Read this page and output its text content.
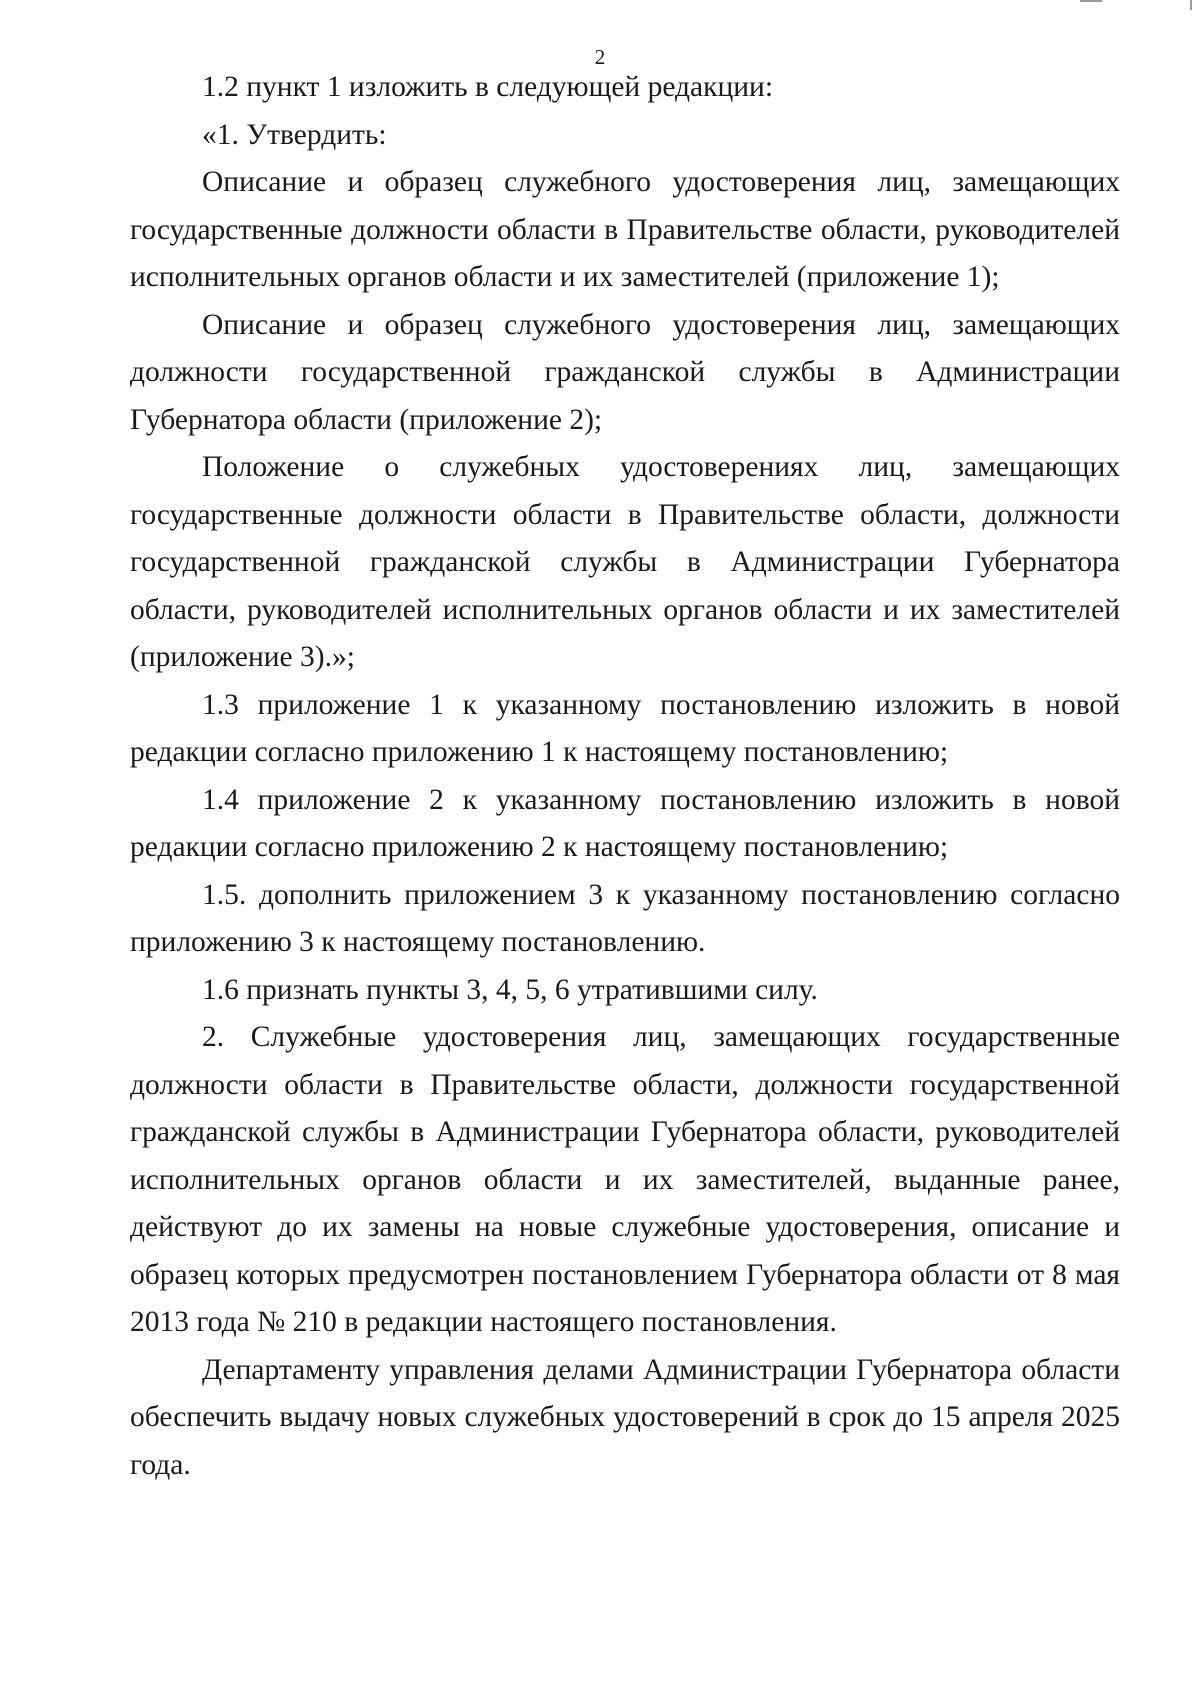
2

1.2 пункт 1 изложить в следующей редакции:

«1. Утвердить:

Описание и образец служебного удостоверения лиц, замещающих государственные должности области в Правительстве области, руководителей исполнительных органов области и их заместителей (приложение 1);

Описание и образец служебного удостоверения лиц, замещающих должности государственной гражданской службы в Администрации Губернатора области (приложение 2);

Положение о служебных удостоверениях лиц, замещающих государственные должности области в Правительстве области, должности государственной гражданской службы в Администрации Губернатора области, руководителей исполнительных органов области и их заместителей (приложение 3).»;

1.3 приложение 1 к указанному постановлению изложить в новой редакции согласно приложению 1 к настоящему постановлению;

1.4 приложение 2 к указанному постановлению изложить в новой редакции согласно приложению 2 к настоящему постановлению;

1.5. дополнить приложением 3 к указанному постановлению согласно приложению 3 к настоящему постановлению.

1.6 признать пункты 3, 4, 5, 6 утратившими силу.

2. Служебные удостоверения лиц, замещающих государственные должности области в Правительстве области, должности государственной гражданской службы в Администрации Губернатора области, руководителей исполнительных органов области и их заместителей, выданные ранее, действуют до их замены на новые служебные удостоверения, описание и образец которых предусмотрен постановлением Губернатора области от 8 мая 2013 года № 210 в редакции настоящего постановления.

Департаменту управления делами Администрации Губернатора области обеспечить выдачу новых служебных удостоверений в срок до 15 апреля 2025 года.
